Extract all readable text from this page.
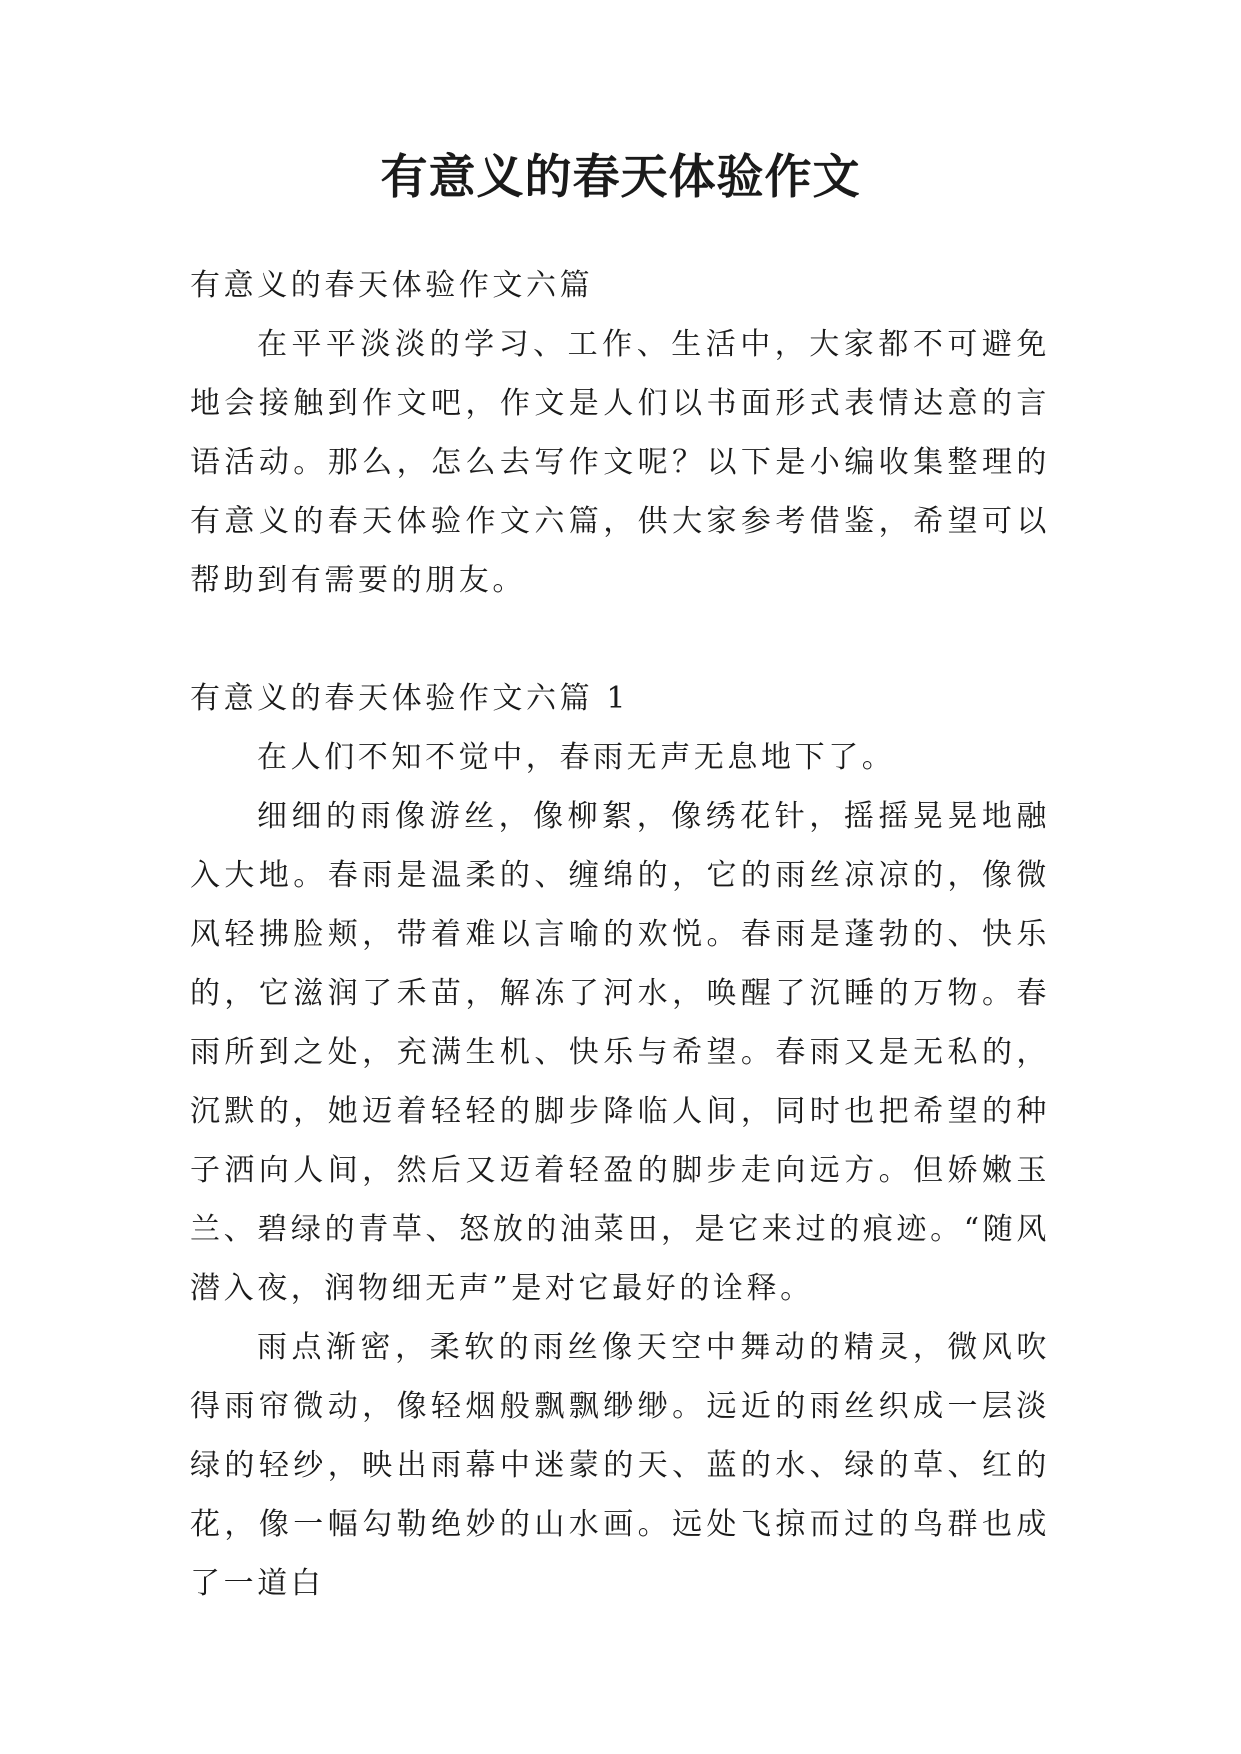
有意义的春天体验作文

有意义的春天体验作文六篇

在平平淡淡的学习、工作、生活中，大家都不可避免地会接触到作文吧，作文是人们以书面形式表情达意的言语活动。那么，怎么去写作文呢？以下是小编收集整理的有意义的春天体验作文六篇，供大家参考借鉴，希望可以帮助到有需要的朋友。

有意义的春天体验作文六篇 1

在人们不知不觉中，春雨无声无息地下了。

细细的雨像游丝，像柳絮，像绣花针，摇摇晃晃地融入大地。春雨是温柔的、缠绵的，它的雨丝凉凉的，像微风轻拂脸颊，带着难以言喻的欢悦。春雨是蓬勃的、快乐的，它滋润了禾苗，解冻了河水，唤醒了沉睡的万物。春雨所到之处，充满生机、快乐与希望。春雨又是无私的，沉默的，她迈着轻轻的脚步降临人间，同时也把希望的种子洒向人间，然后又迈着轻盈的脚步走向远方。但娇嫩玉兰、碧绿的青草、怒放的油菜田，是它来过的痕迹。“随风潜入夜，润物细无声”是对它最好的诠释。

雨点渐密，柔软的雨丝像天空中舞动的精灵，微风吹得雨帘微动，像轻烟般飘飘缈缈。远近的雨丝织成一层淡绿的轻纱，映出雨幕中迷蒙的天、蓝的水、绿的草、红的花，像一幅勾勒绝妙的山水画。远处飞掠而过的鸟群也成了一道白
